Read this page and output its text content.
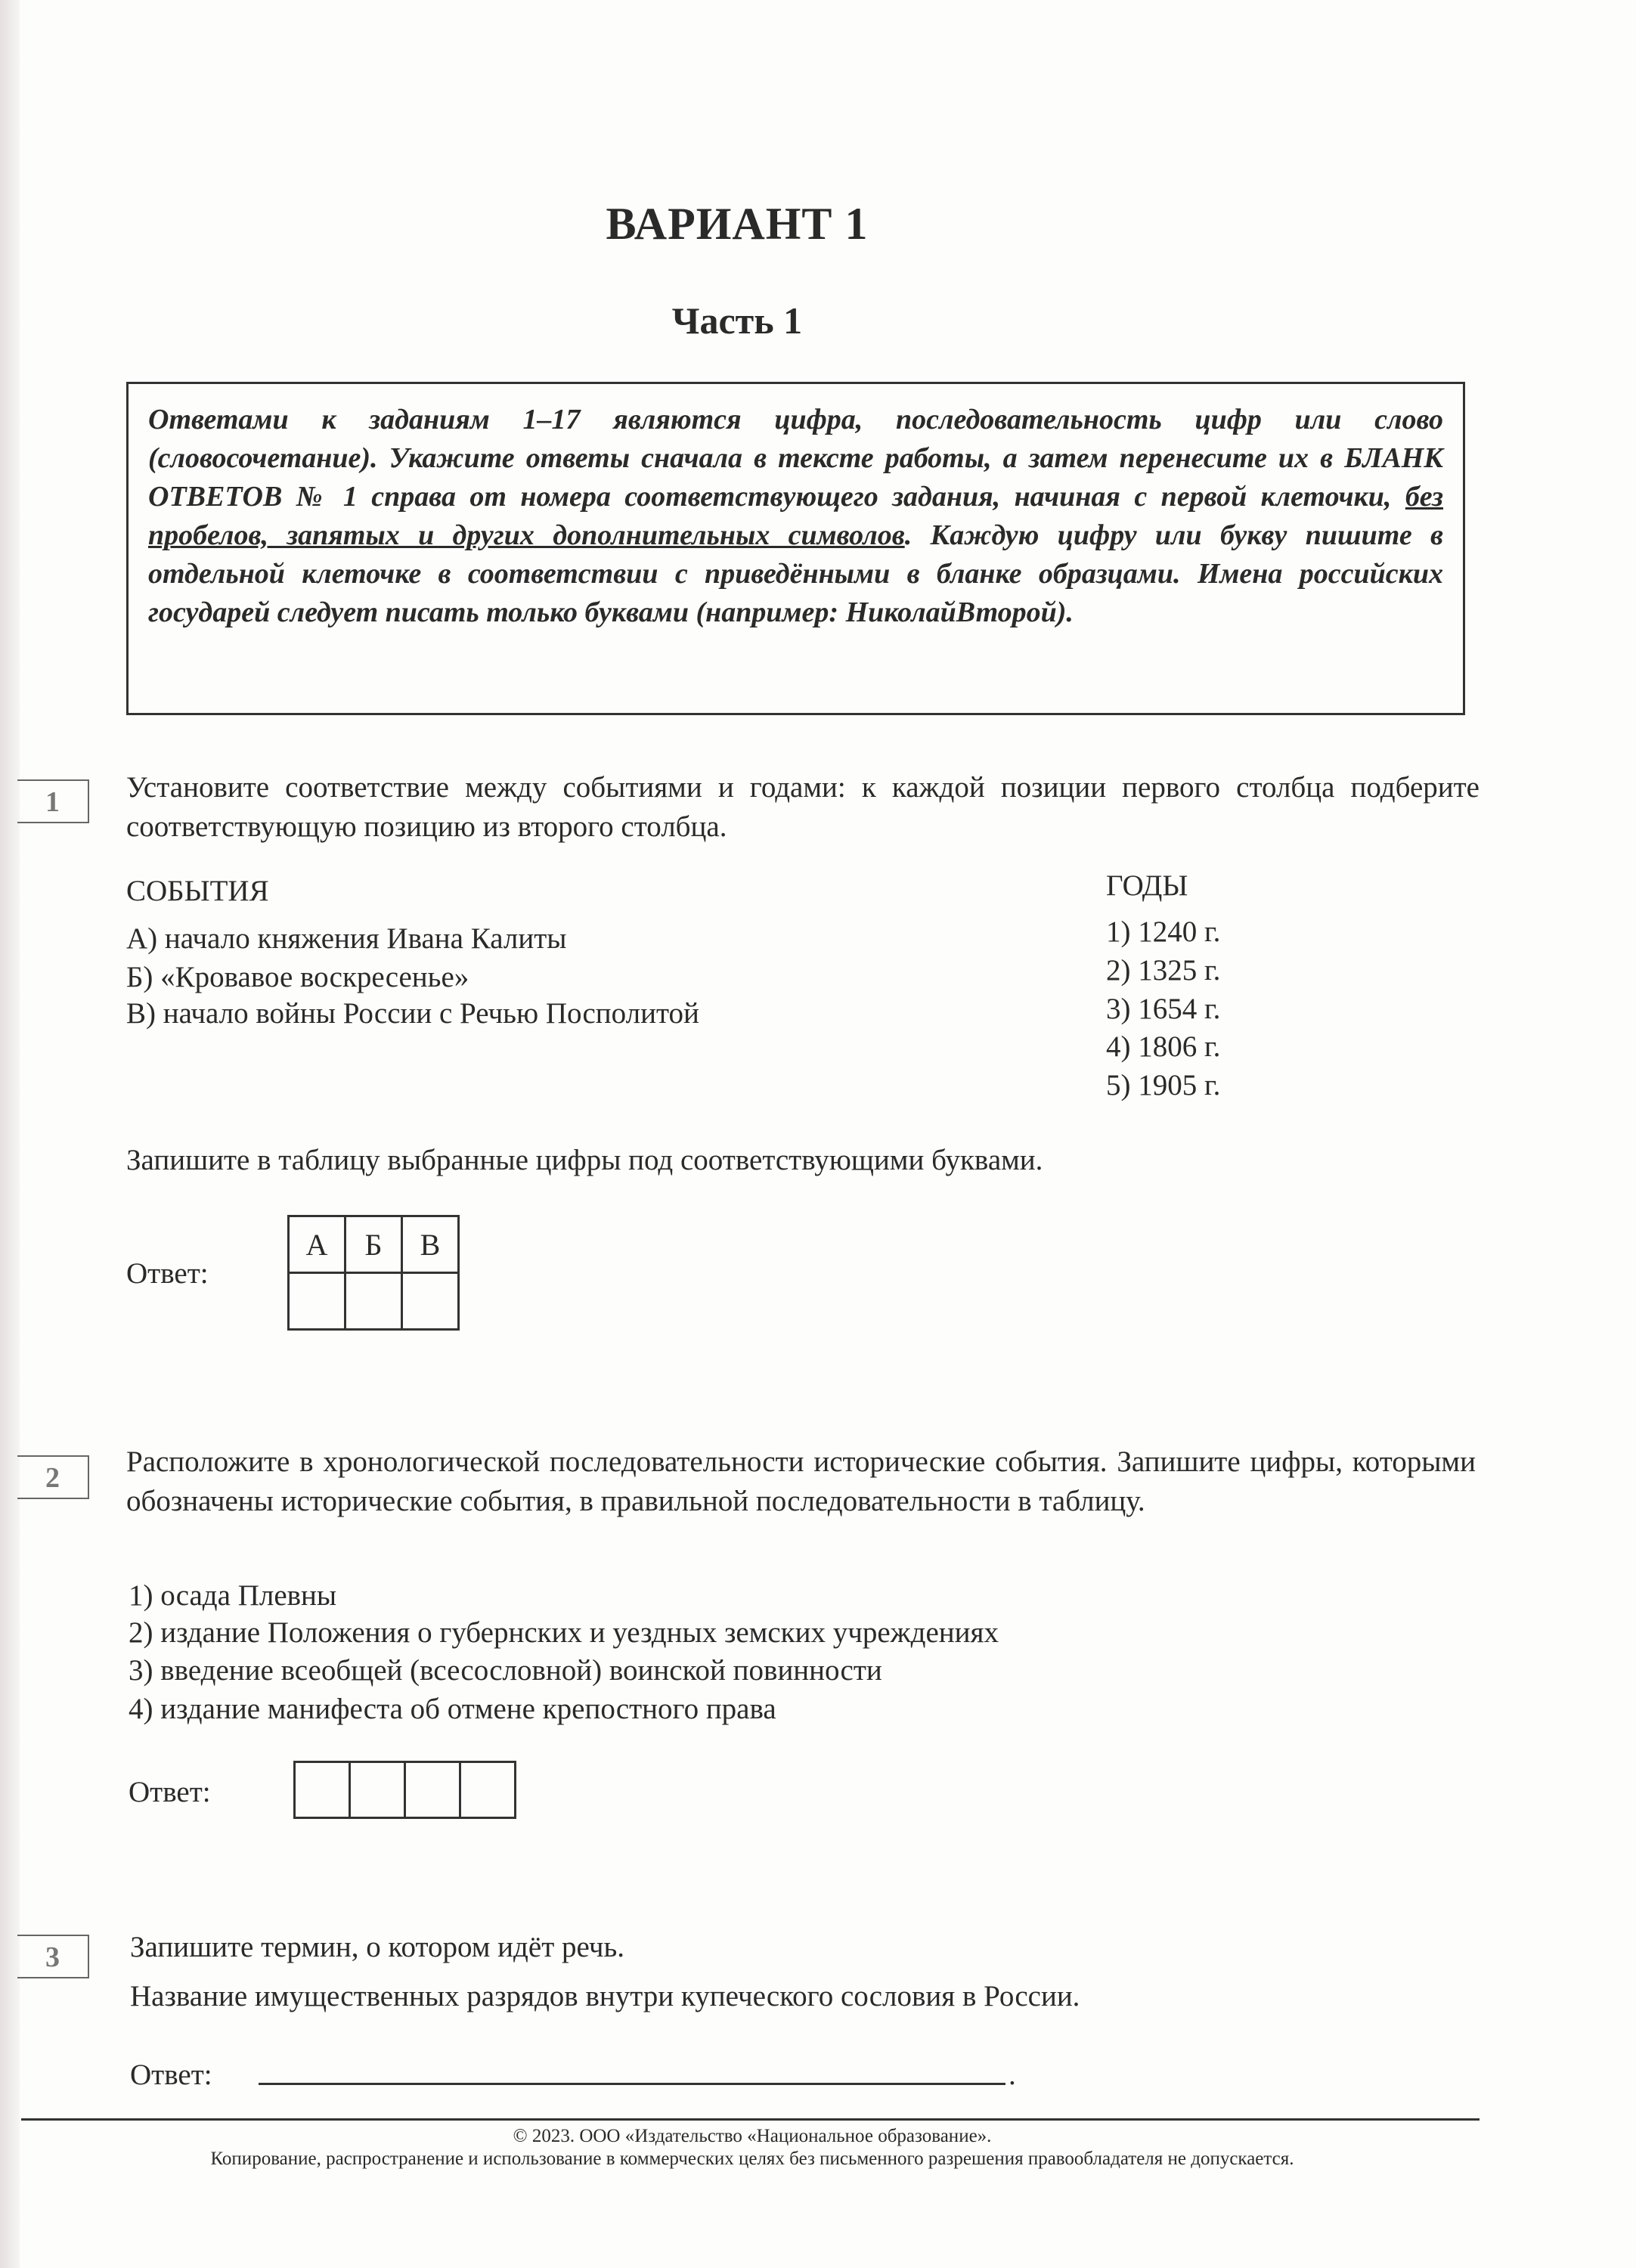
ВАРИАНТ 1
Часть 1
Ответами к заданиям 1–17 являются цифра, последовательность цифр или слово (словосочетание). Укажите ответы сначала в тексте работы, а затем перенесите их в БЛАНК ОТВЕТОВ № 1 справа от номера соответствующего задания, начиная с первой клеточки, без пробелов, запятых и других дополнительных символов. Каждую цифру или букву пишите в отдельной клеточке в соответствии с приведёнными в бланке образцами. Имена российских государей следует писать только буквами (например: НиколайВторой).
1	Установите соответствие между событиями и годами: к каждой позиции первого столбца подберите соответствующую позицию из второго столбца.
СОБЫТИЯ
А) начало княжения Ивана Калиты
Б) «Кровавое воскресенье»
В) начало войны России с Речью Посполитой
ГОДЫ
1) 1240 г.
2) 1325 г.
3) 1654 г.
4) 1806 г.
5) 1905 г.
Запишите в таблицу выбранные цифры под соответствующими буквами.
Ответ:
А	Б	В

2	Расположите в хронологической последовательности исторические события. Запишите цифры, которыми обозначены исторические события, в правильной последовательности в таблицу.
1) осада Плевны
2) издание Положения о губернских и уездных земских учреждениях
3) введение всеобщей (всесословной) воинской повинности
4) издание манифеста об отмене крепостного права
Ответ:

3	Запишите термин, о котором идёт речь.
Название имущественных разрядов внутри купеческого сословия в России.
Ответ:	.
© 2023. ООО «Издательство «Национальное образование».
Копирование, распространение и использование в коммерческих целях без письменного разрешения правообладателя не допускается.
